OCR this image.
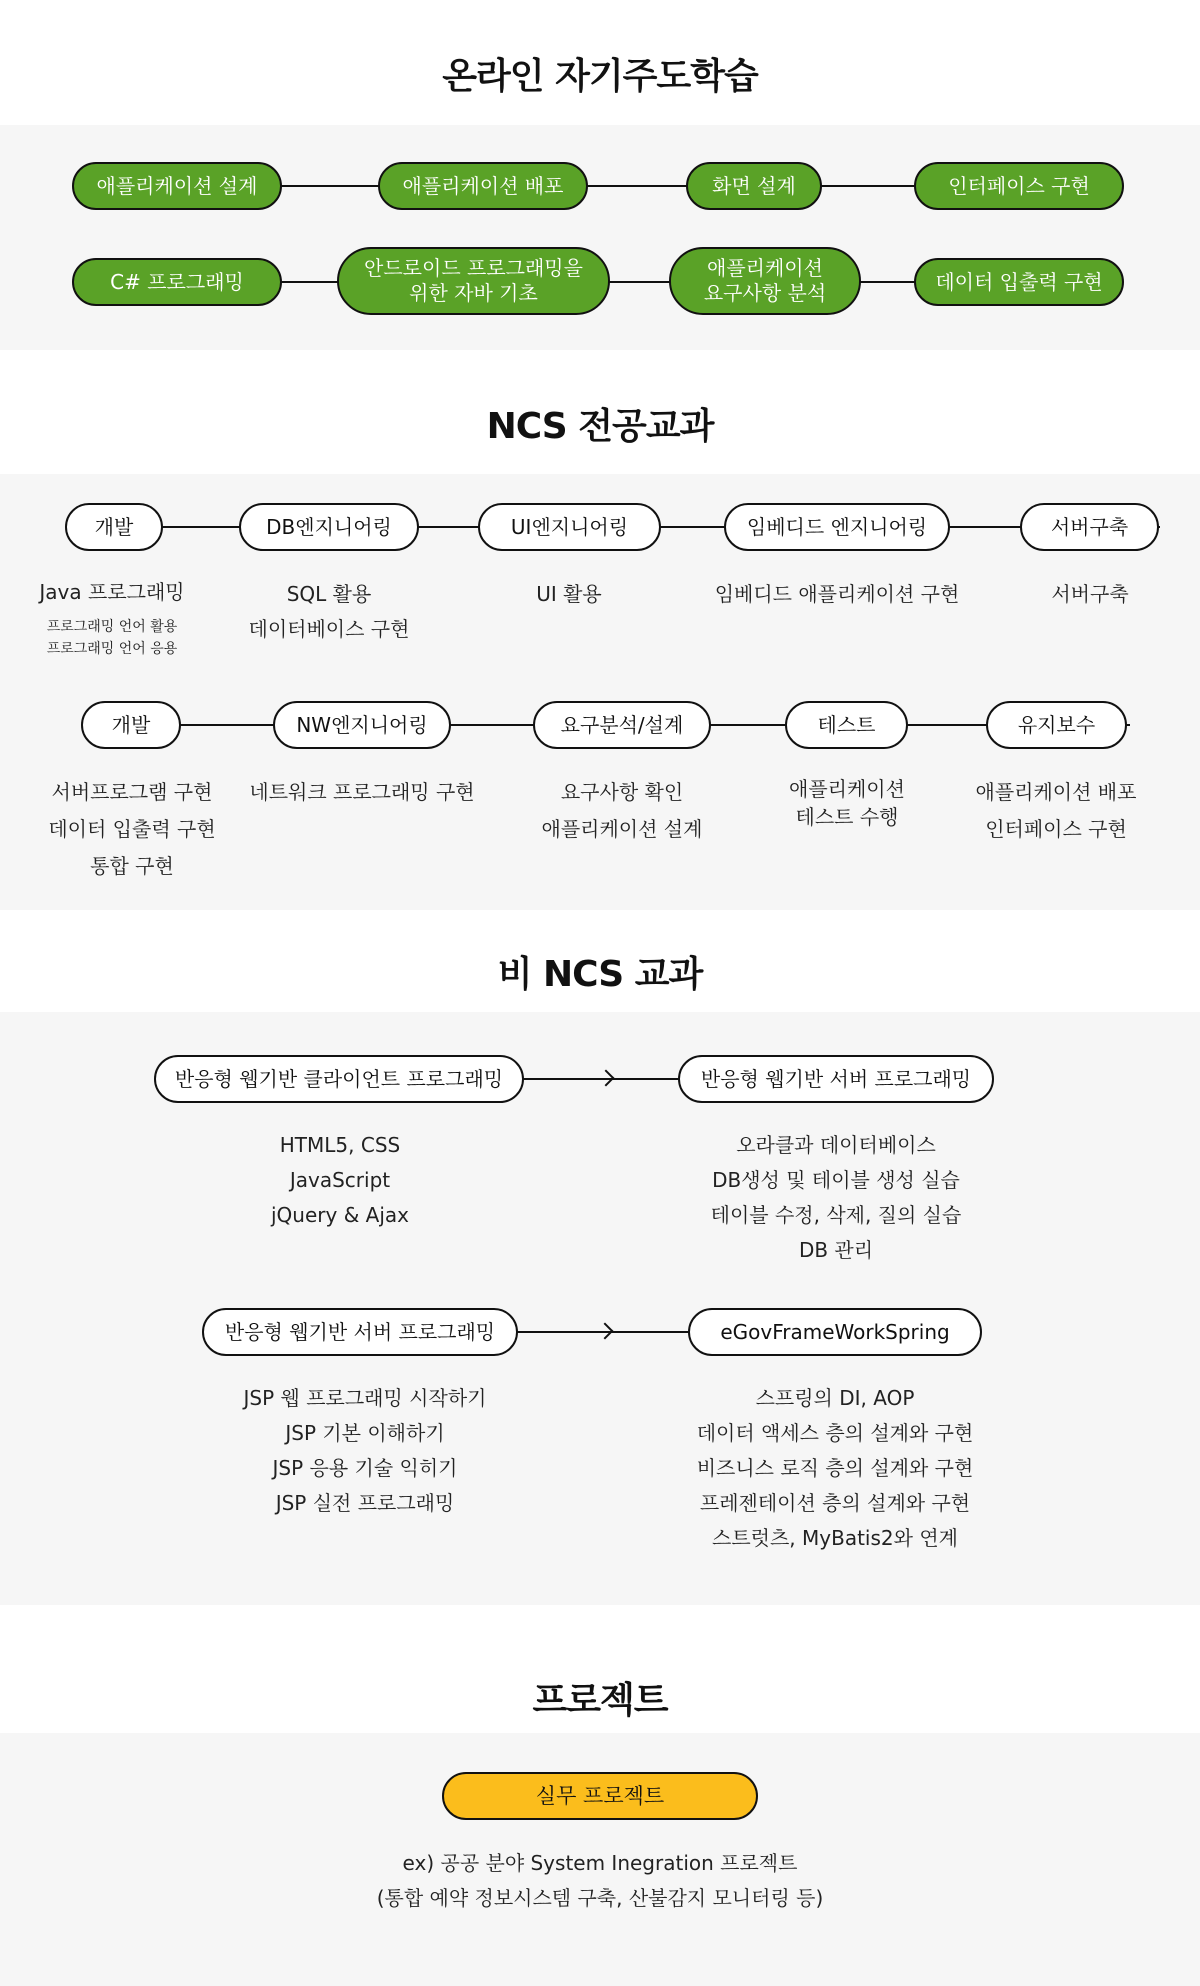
온라인 자기주도학습
애플리케이션 설계	애플리케이션 배포	화면 설계	인터페이스 구현
C# 프로그래밍
안드로이드 프로그래밍을
위한 자바 기초
애플리케이션
요구사항 분석	데이터 입출력 구현
NCS 전공교과
개발	DB엔지니어링	UI엔지니어링	임베디드 엔지니어링	서버구축
Java 프로그래밍
프로그래밍 언어 활용
프로그래밍 언어 응용
SQL 활용
데이터베이스 구현
UI 활용	임베디드 애플리케이션 구현	서버구축
개발	NW엔지니어링	요구분석/설계	테스트	유지보수
서버프로그램 구현
데이터 입출력 구현
통합 구현
네트워크 프로그래밍 구현	요구사항 확인
애플리케이션 설계
애플리케이션
테스트 수행
애플리케이션 배포
인터페이스 구현
비 NCS 교과
반응형 웹기반 클라이언트 프로그래밍	반응형 웹기반 서버 프로그래밍
HTML5, CSS
JavaScript
jQuery & Ajax
오라클과 데이터베이스
DB생성 및 테이블 생성 실습
테이블 수정, 삭제, 질의 실습
DB 관리
반응형 웹기반 서버 프로그래밍	eGovFrameWorkSpring
JSP 웹 프로그래밍 시작하기
JSP 기본 이해하기
JSP 응용 기술 익히기
JSP 실전 프로그래밍
스프링의 DI, AOP
데이터 액세스 층의 설계와 구현
비즈니스 로직 층의 설계와 구현
프레젠테이션 층의 설계와 구현
스트럿츠, MyBatis2와 연계
프로젝트
실무 프로젝트
ex) 공공 분야 System Inegration 프로젝트
(통합 예약 정보시스템 구축, 산불감지 모니터링 등)
